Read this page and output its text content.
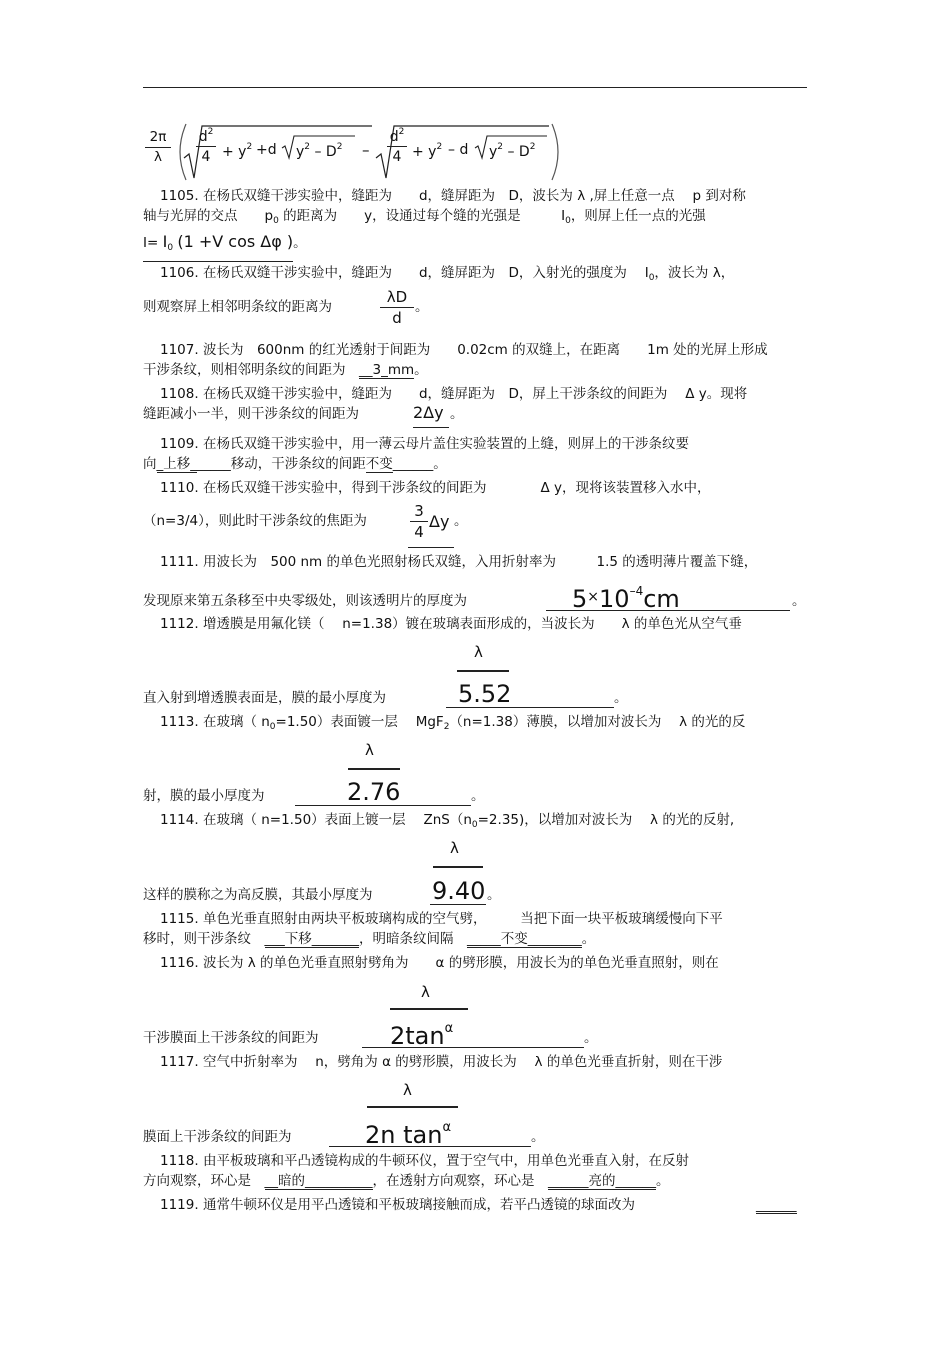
$\frac{2\pi}{\lambda} \frac{d^2}{4} + y^2 +d$ $y^2 - D^2 - \frac{d^2}{4} + y^2 - d$ $y^2 - D^2$
1105. 在杨氏双缝干涉实验中，缝距为　　d，缝屏距为　D，波长为 λ ,屏上任意一点　 p 到对称
轴与光屏的交点　　$p_0$ 的距离为　　y，设通过每个缝的光强是　　　$I_0$，则屏上任一点的光强
$I= I_0$ (1 +V cos Δφ )。
1106. 在杨氏双缝干涉实验中，缝距为　　d，缝屏距为　D，入射光的强度为　 $I_0$，波长为 λ，
则观察屏上相邻明条纹的距离为	$\frac{\lambda D}{d}$ 。
1107. 波长为　600nm 的红光透射于间距为　　0.02cm 的双缝上，在距离　　1m 处的光屏上形成
干涉条纹，则相邻明条纹的间距为　 __3_mm。
1108. 在杨氏双缝干涉实验中，缝距为　　d，缝屏距为　D，屏上干涉条纹的间距为　 Δ y。现将
缝距减小一半，则干涉条纹的间距为	2Δy 。
1109. 在杨氏双缝干涉实验中，用一薄云母片盖住实验装置的上缝，则屏上的干涉条纹要
向_上移______移动，干涉条纹的间距不变______。
1110. 在杨氏双缝干涉实验中，得到干涉条纹的间距为　　　　Δ y，现将该装置移入水中，
（n=3/4），则此时干涉条纹的焦距为	$\frac{3}{4}$ Δy 。
1111. 用波长为　500 nm 的单色光照射杨氏双缝，入用折射率为　　　1.5 的透明薄片覆盖下缝，
发现原来第五条移至中央零级处，则该透明片的厚度为	5×10–4cm	。
1112. 增透膜是用氟化镁（　 n=1.38）镀在玻璃表面形成的，当波长为　　λ 的单色光从空气垂
λ
直入射到增透膜表面是，膜的最小厚度为	5.52	。
1113. 在玻璃（ $n_0=1.50$）表面镀一层　 MgF$_2$（n=1.38）薄膜，以增加对波长为　 λ 的光的反
λ
射，膜的最小厚度为	2.76	。
1114. 在玻璃（ n=1.50）表面上镀一层　 $ZnS(n_0=2.35)$，以增加对波长为　 λ 的光的反射,
λ
这样的膜称之为高反膜，其最小厚度为 9.40 。
1115. 单色光垂直照射由两块平板玻璃构成的空气劈，　　　当把下面一块平板玻璃缓慢向下平
移时，则干涉条纹　 ___下移_______，明暗条纹间隔　 _____不变________。
1116. 波长为 λ 的单色光垂直照射劈角为　　α 的劈形膜，用波长为的单色光垂直照射，则在
λ
干涉膜面上干涉条纹的间距为	2tanα
。
1117. 空气中折射率为　 n，劈角为 α 的劈形膜，用波长为　 λ 的单色光垂直折射，则在干涉
λ
膜面上干涉条纹的间距为	2n tanα
。
1118. 由平板玻璃和平凸透镜构成的牛顿环仪，置于空气中，用单色光垂直入射，在反射
方向观察，环心是　 __暗的__________，在透射方向观察，环心是　 ______亮的______。
1119. 通常牛顿环仪是用平凸透镜和平板玻璃接触而成，若平凸透镜的球面改为	______
